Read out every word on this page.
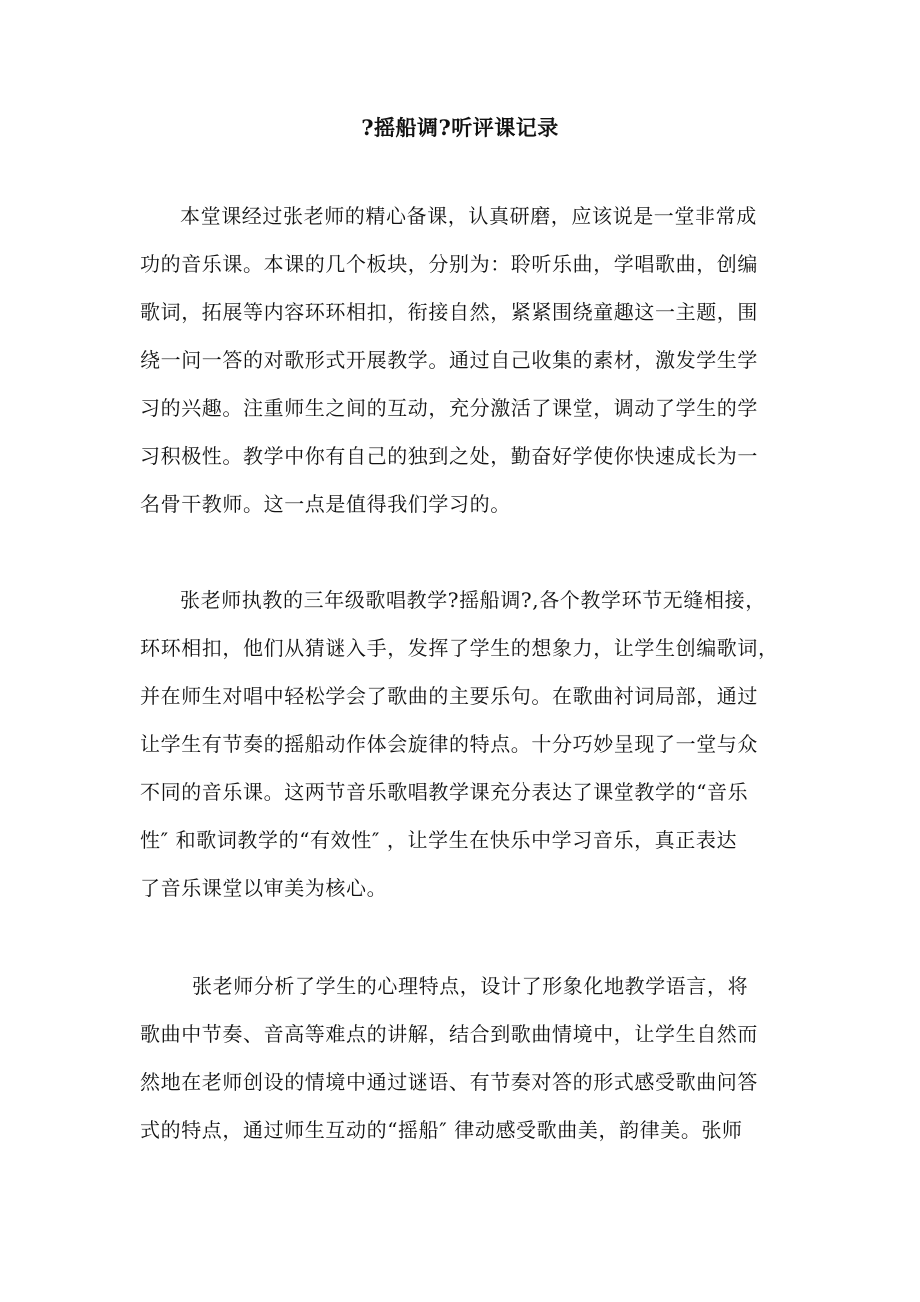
?摇船调?听评课记录
本堂课经过张老师的精心备课，认真研磨，应该说是一堂非常成
功的音乐课。本课的几个板块，分别为：聆听乐曲，学唱歌曲，创编
歌词，拓展等内容环环相扣，衔接自然，紧紧围绕童趣这一主题，围
绕一问一答的对歌形式开展教学。通过自己收集的素材，激发学生学
习的兴趣。注重师生之间的互动，充分激活了课堂，调动了学生的学
习积极性。教学中你有自己的独到之处，勤奋好学使你快速成长为一
名骨干教师。这一点是值得我们学习的。
张老师执教的三年级歌唱教学?摇船调?,各个教学环节无缝相接，
环环相扣，他们从猜谜入手，发挥了学生的想象力，让学生创编歌词，
并在师生对唱中轻松学会了歌曲的主要乐句。在歌曲衬词局部，通过
让学生有节奏的摇船动作体会旋律的特点。十分巧妙呈现了一堂与众
不同的音乐课。这两节音乐歌唱教学课充分表达了课堂教学的“音乐
性″ 和歌词教学的“有效性″ ，让学生在快乐中学习音乐，真正表达
了音乐课堂以审美为核心。
张老师分析了学生的心理特点，设计了形象化地教学语言，将
歌曲中节奏、音高等难点的讲解，结合到歌曲情境中，让学生自然而
然地在老师创设的情境中通过谜语、有节奏对答的形式感受歌曲问答
式的特点，通过师生互动的“摇船″ 律动感受歌曲美，韵律美。张师
